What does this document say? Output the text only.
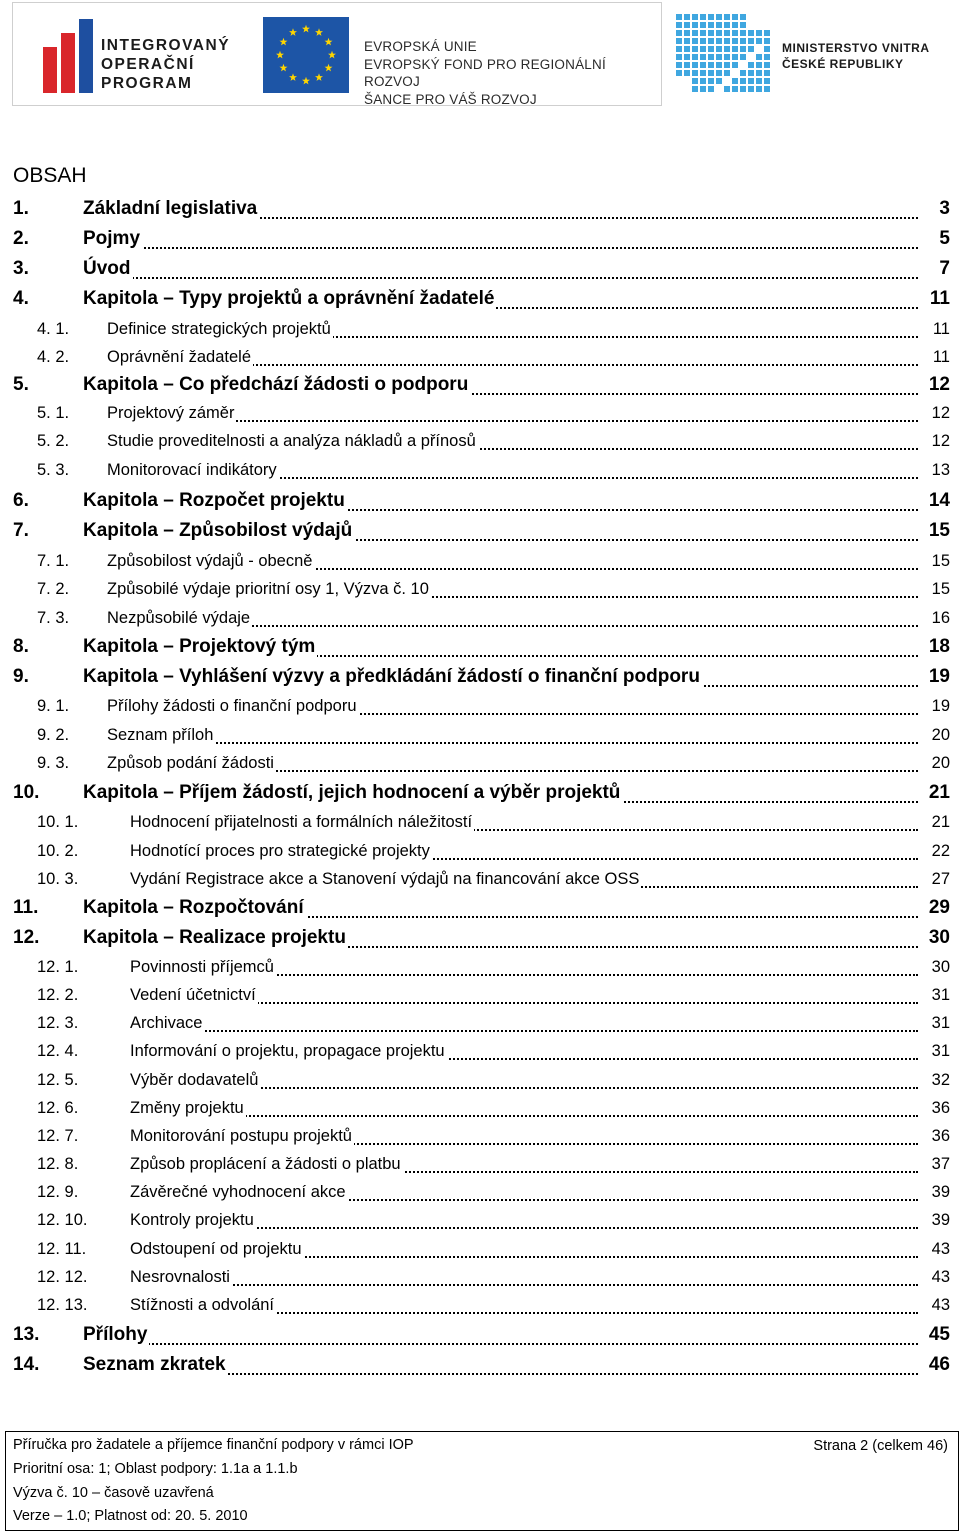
INTEGROVANÝ
OPERAČNÍ
PROGRAM
EVROPSKÁ UNIE
EVROPSKÝ FOND PRO REGIONÁLNÍ ROZVOJ
ŠANCE PRO VÁŠ ROZVOJ
MINISTERSTVO VNITRA
ČESKÉ REPUBLIKY
OBSAH
1.	Základní legislativa	3
2.	Pojmy	5
3.	Úvod	7
4.	Kapitola – Typy projektů a oprávnění žadatelé	11
4. 1. Definice strategických projektů	11
4. 2. Oprávnění žadatelé	11
5.	Kapitola – Co předchází žádosti o podporu	12
5. 1. Projektový záměr	12
5. 2. Studie proveditelnosti a analýza nákladů a přínosů	12
5. 3. Monitorovací indikátory	13
6.	Kapitola – Rozpočet projektu	14
7.	Kapitola – Způsobilost výdajů	15
7. 1. Způsobilost výdajů - obecně	15
7. 2. Způsobilé výdaje prioritní osy 1, Výzva č. 10	15
7. 3. Nezpůsobilé výdaje	16
8.	Kapitola – Projektový tým	18
9.	Kapitola – Vyhlášení výzvy a předkládání žádostí o finanční podporu	19
9. 1. Přílohy žádosti o finanční podporu	19
9. 2. Seznam příloh	20
9. 3. Způsob podání žádosti	20
10. Kapitola – Příjem žádostí, jejich hodnocení a výběr projektů	21
10. 1.	Hodnocení přijatelnosti a formálních náležitostí	21
10. 2.	Hodnotící proces pro strategické projekty	22
10. 3.	Vydání Registrace akce a Stanovení výdajů na financování akce OSS	27
11. Kapitola – Rozpočtování	29
12. Kapitola – Realizace projektu	30
12. 1.	Povinnosti příjemců	30
12. 2.	Vedení účetnictví	31
12. 3.	Archivace	31
12. 4.	Informování o projektu, propagace projektu	31
12. 5.	Výběr dodavatelů	32
12. 6.	Změny projektu	36
12. 7.	Monitorování postupu projektů	36
12. 8.	Způsob proplácení a žádosti o platbu	37
12. 9.	Závěrečné vyhodnocení akce	39
12. 10.	Kontroly projektu	39
12. 11.	Odstoupení od projektu	43
12. 12.	Nesrovnalosti	43
12. 13.	Stížnosti a odvolání	43
13. Přílohy	45
14. Seznam zkratek	46
Příručka pro žadatele a příjemce finanční podpory v rámci IOP	Strana 2 (celkem 46)
Prioritní osa: 1; Oblast podpory: 1.1a a 1.1.b
Výzva č. 10 – časově uzavřená
Verze – 1.0; Platnost od: 20. 5. 2010
